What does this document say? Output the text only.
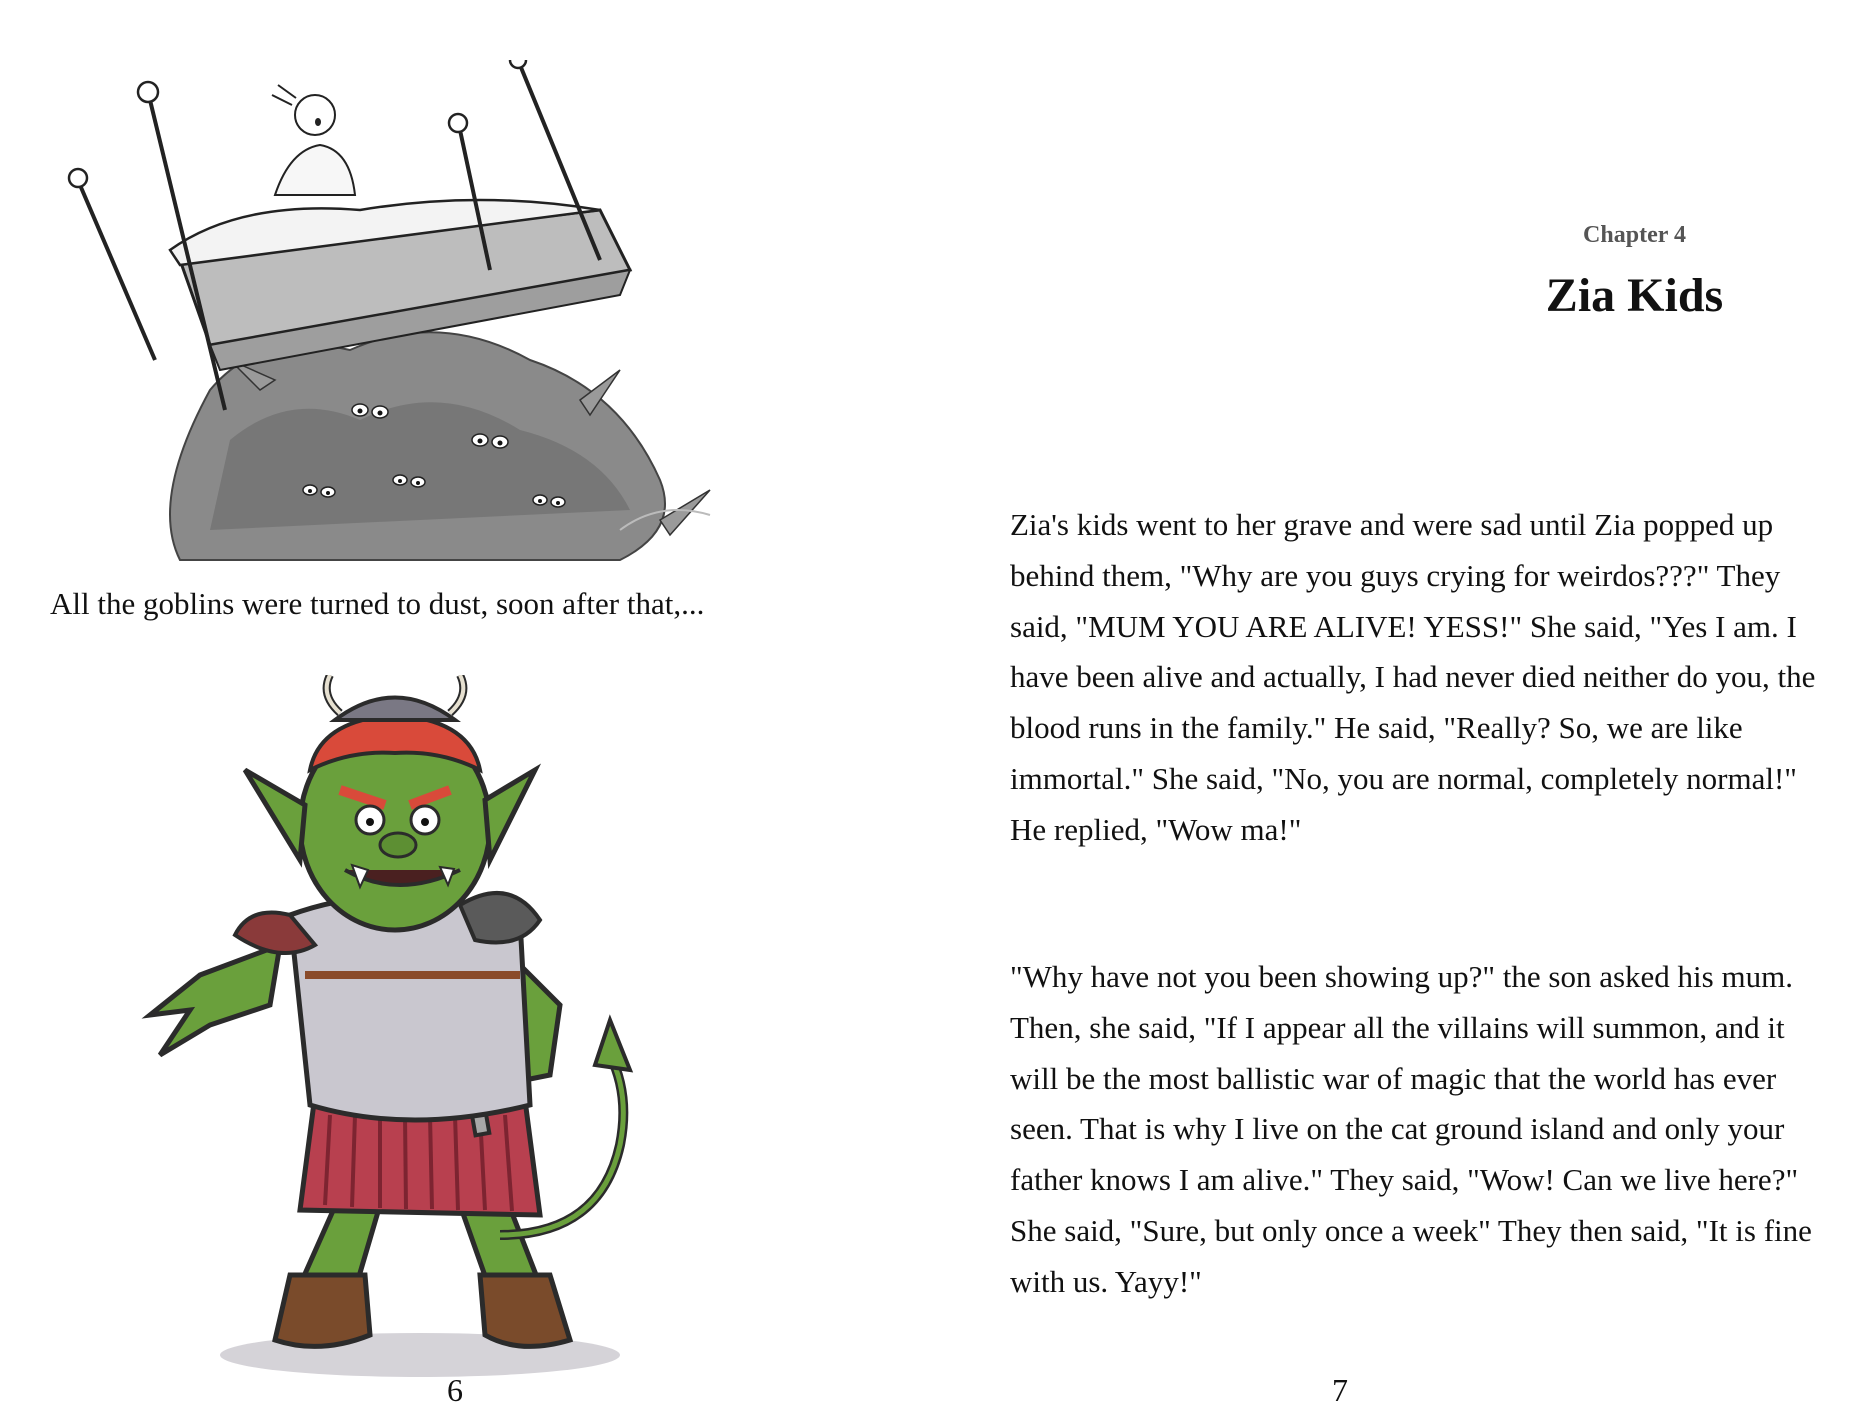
All the goblins were turned to dust, soon after that,...
6
Chapter 4
Zia Kids

Zia's kids went to her grave and were sad until Zia popped up behind them, "Why are you guys crying for weirdos???" They said, "MUM YOU ARE ALIVE! YESS!" She said, "Yes I am. I have been alive and actually, I had never died neither do you, the blood runs in the family." He said, "Really? So, we are like immortal." She said, "No, you are normal, completely normal!" He replied, "Wow ma!"

"Why have not you been showing up?" the son asked his mum. Then, she said, "If I appear all the villains will summon, and it will be the most ballistic war of magic that the world has ever seen. That is why I live on the cat ground island and only your father knows I am alive." They said, "Wow! Can we live here?" She said, "Sure, but only once a week" They then said, "It is fine with us. Yayy!"

7
